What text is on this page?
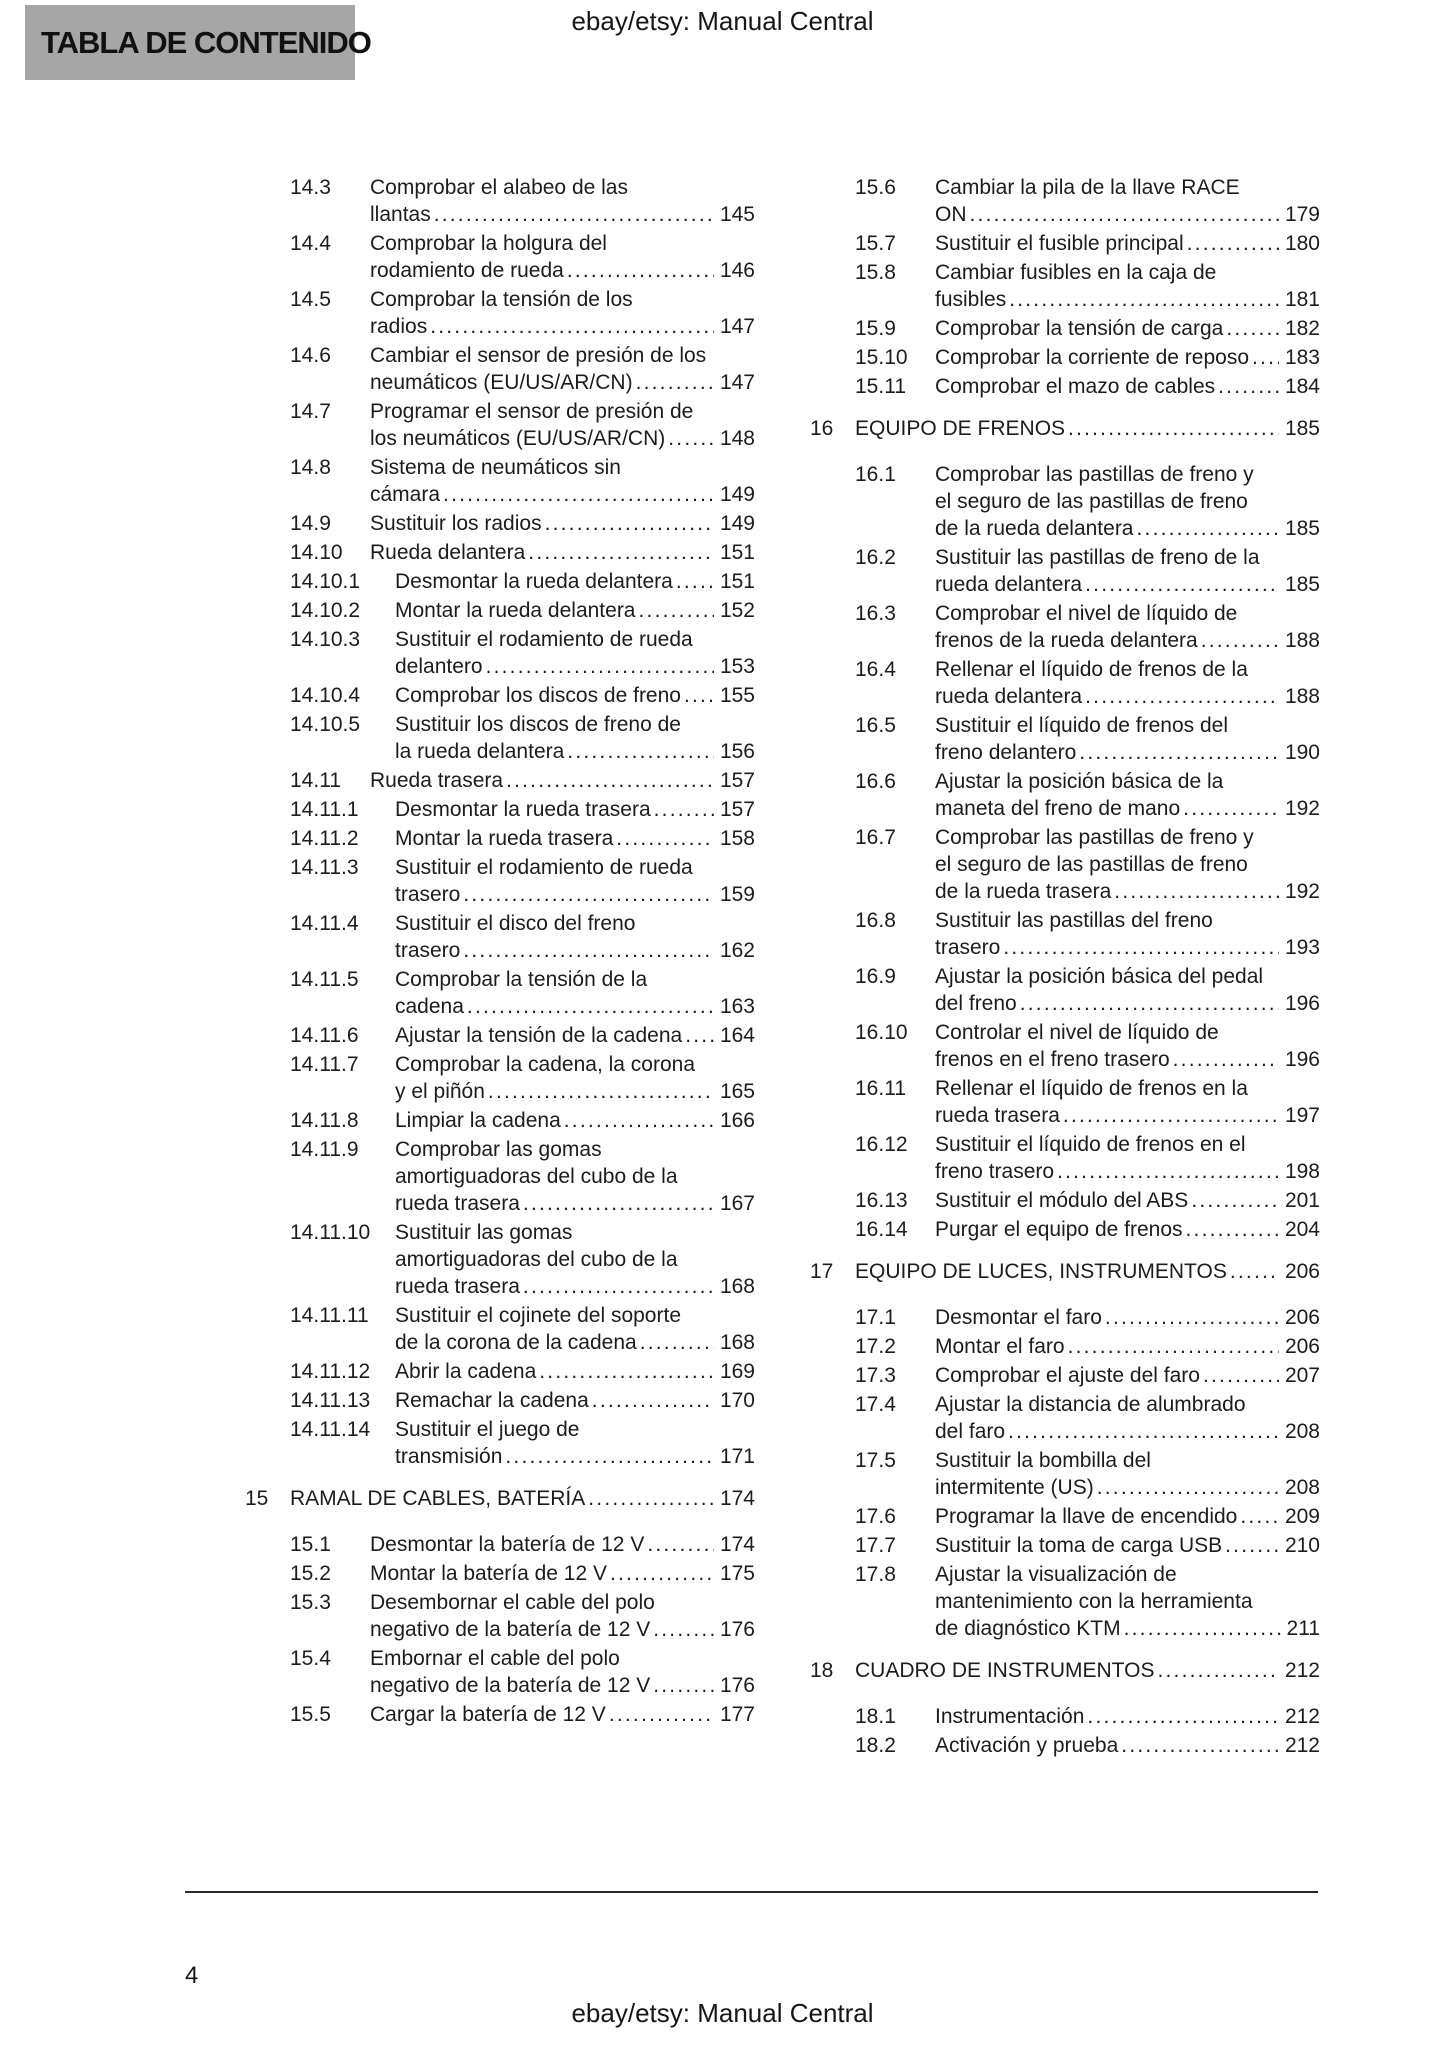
TABLA DE CONTENIDO
ebay/etsy: Manual Central
14.3	Comprobar el alabeo de las
llantas .....	145
14.4	Comprobar la holgura del
rodamiento de rueda .....	146
14.5	Comprobar la tensión de los
radios .....	147
14.6	Cambiar el sensor de presión de los
neumáticos (EU/US/AR/CN) .....	147
14.7	Programar el sensor de presión de
los neumáticos (EU/US/AR/CN) .....	148
14.8	Sistema de neumáticos sin
cámara .....	149
14.9	Sustituir los radios .....	149
14.10	Rueda delantera .....	151
14.10.1	Desmontar la rueda delantera ..... 151
14.10.2	Montar la rueda delantera .....	152
14.10.3	Sustituir el rodamiento de rueda
delantero .....	153
14.10.4	Comprobar los discos de freno ..... 155
14.10.5	Sustituir los discos de freno de
la rueda delantera .....	156
14.11	Rueda trasera .....	157
14.11.1	Desmontar la rueda trasera .....	157
14.11.2	Montar la rueda trasera .....	158
14.11.3	Sustituir el rodamiento de rueda
trasero .....	159
14.11.4	Sustituir el disco del freno
trasero .....	162
14.11.5	Comprobar la tensión de la
cadena .....	163
14.11.6	Ajustar la tensión de la cadena ..... 164
14.11.7	Comprobar la cadena, la corona
y el piñón .....	165
14.11.8	Limpiar la cadena .....	166
14.11.9	Comprobar las gomas
amortiguadoras del cubo de la
rueda trasera .....	167
14.11.10	Sustituir las gomas
amortiguadoras del cubo de la
rueda trasera .....	168
14.11.11	Sustituir el cojinete del soporte
de la corona de la cadena .....	168
14.11.12	Abrir la cadena .....	169
14.11.13	Remachar la cadena .....	170
14.11.14	Sustituir el juego de
transmisión .....	171
15	RAMAL DE CABLES, BATERÍA .....	174
15.1	Desmontar la batería de 12 V .....	174
15.2	Montar la batería de 12 V .....	175
15.3	Desembornar el cable del polo
negativo de la batería de 12 V .....	176
15.4	Embornar el cable del polo
negativo de la batería de 12 V .....	176
15.5	Cargar la batería de 12 V .....	177
15.6	Cambiar la pila de la llave RACE
ON .....	179
15.7	Sustituir el fusible principal .....	180
15.8	Cambiar fusibles en la caja de
fusibles .....	181
15.9	Comprobar la tensión de carga .....	182
15.10	Comprobar la corriente de reposo ..... 183
15.11	Comprobar el mazo de cables .....	184
16	EQUIPO DE FRENOS .....	185
16.1	Comprobar las pastillas de freno y
el seguro de las pastillas de freno
de la rueda delantera .....	185
16.2	Sustituir las pastillas de freno de la
rueda delantera .....	185
16.3	Comprobar el nivel de líquido de
frenos de la rueda delantera .....	188
16.4	Rellenar el líquido de frenos de la
rueda delantera .....	188
16.5	Sustituir el líquido de frenos del
freno delantero .....	190
16.6	Ajustar la posición básica de la
maneta del freno de mano .....	192
16.7	Comprobar las pastillas de freno y
el seguro de las pastillas de freno
de la rueda trasera .....	192
16.8	Sustituir las pastillas del freno
trasero .....	193
16.9	Ajustar la posición básica del pedal
del freno .....	196
16.10	Controlar el nivel de líquido de
frenos en el freno trasero .....	196
16.11	Rellenar el líquido de frenos en la
rueda trasera .....	197
16.12	Sustituir el líquido de frenos en el
freno trasero .....	198
16.13	Sustituir el módulo del ABS .....	201
16.14	Purgar el equipo de frenos .....	204
17	EQUIPO DE LUCES, INSTRUMENTOS .....	206
17.1	Desmontar el faro .....	206
17.2	Montar el faro .....	206
17.3	Comprobar el ajuste del faro .....	207
17.4	Ajustar la distancia de alumbrado
del faro .....	208
17.5	Sustituir la bombilla del
intermitente (US) .....	208
17.6	Programar la llave de encendido ..... 209
17.7	Sustituir la toma de carga USB .....	210
17.8	Ajustar la visualización de
mantenimiento con la herramienta
de diagnóstico KTM .....	211
18	CUADRO DE INSTRUMENTOS .....	212
18.1	Instrumentación .....	212
18.2	Activación y prueba .....	212
4
ebay/etsy: Manual Central
